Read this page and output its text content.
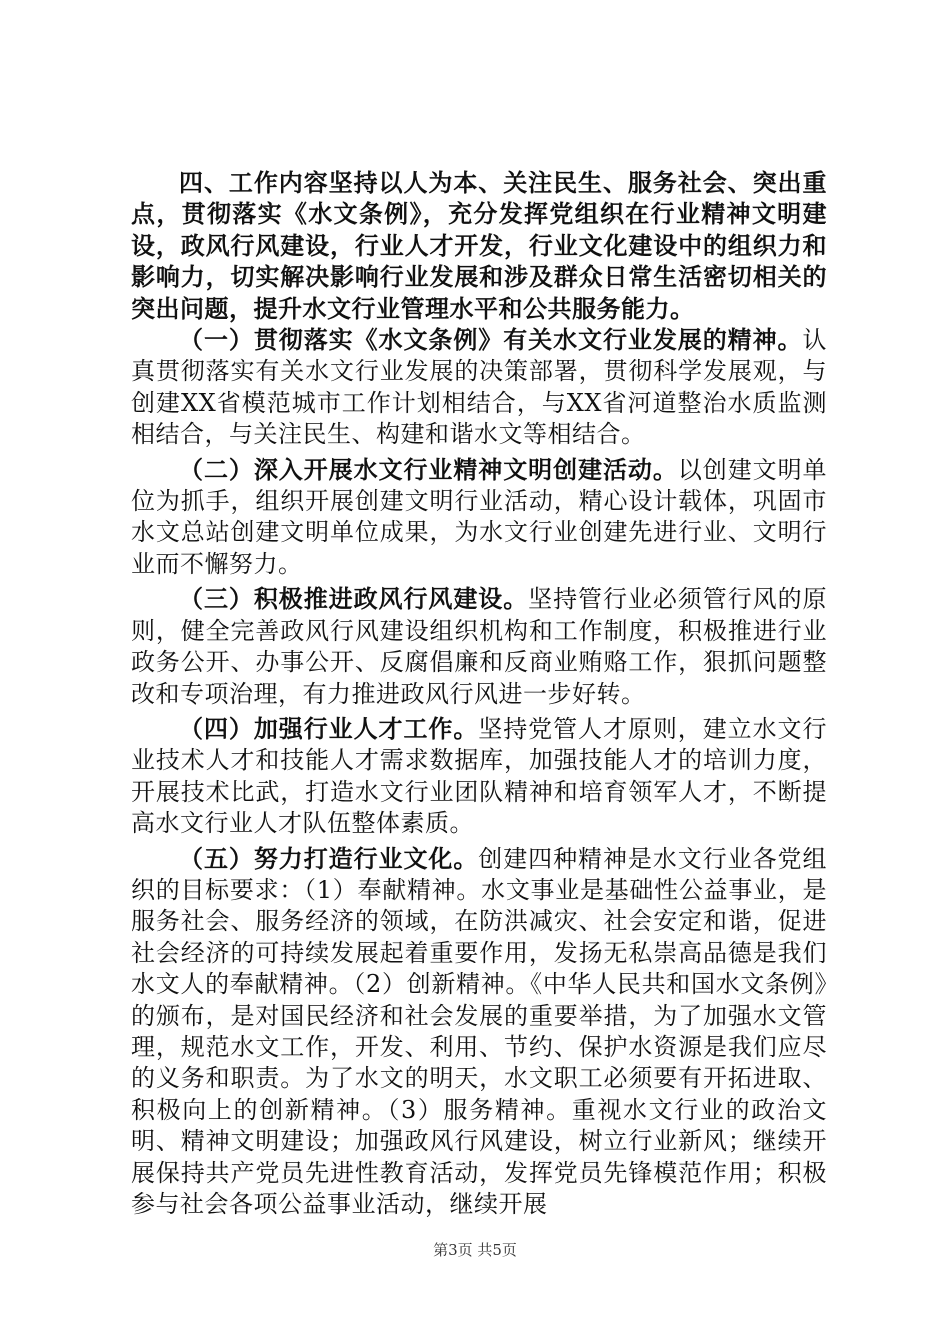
四、工作内容坚持以人为本、关注民生、服务社会、突出重点，贯彻落实《水文条例》，充分发挥党组织在行业精神文明建设，政风行风建设，行业人才开发，行业文化建设中的组织力和影响力，切实解决影响行业发展和涉及群众日常生活密切相关的突出问题，提升水文行业管理水平和公共服务能力。

（一）贯彻落实《水文条例》有关水文行业发展的精神。认真贯彻落实有关水文行业发展的决策部署，贯彻科学发展观，与创建XX省模范城市工作计划相结合，与XX省河道整治水质监测相结合，与关注民生、构建和谐水文等相结合。

（二）深入开展水文行业精神文明创建活动。以创建文明单位为抓手，组织开展创建文明行业活动，精心设计载体，巩固市水文总站创建文明单位成果，为水文行业创建先进行业、文明行业而不懈努力。

（三）积极推进政风行风建设。坚持管行业必须管行风的原则，健全完善政风行风建设组织机构和工作制度，积极推进行业政务公开、办事公开、反腐倡廉和反商业贿赂工作，狠抓问题整改和专项治理，有力推进政风行风进一步好转。

（四）加强行业人才工作。坚持党管人才原则，建立水文行业技术人才和技能人才需求数据库，加强技能人才的培训力度，开展技术比武，打造水文行业团队精神和培育领军人才，不断提高水文行业人才队伍整体素质。

（五）努力打造行业文化。创建四种精神是水文行业各党组织的目标要求：（1）奉献精神。水文事业是基础性公益事业，是服务社会、服务经济的领域，在防洪减灾、社会安定和谐，促进社会经济的可持续发展起着重要作用，发扬无私崇高品德是我们水文人的奉献精神。（2）创新精神。《中华人民共和国水文条例》的颁布，是对国民经济和社会发展的重要举措，为了加强水文管理，规范水文工作，开发、利用、节约、保护水资源是我们应尽的义务和职责。为了水文的明天，水文职工必须要有开拓进取、积极向上的创新精神。（3）服务精神。重视水文行业的政治文明、精神文明建设；加强政风行风建设，树立行业新风；继续开展保持共产党员先进性教育活动，发挥党员先锋模范作用；积极参与社会各项公益事业活动，继续开展

第3页 共5页
